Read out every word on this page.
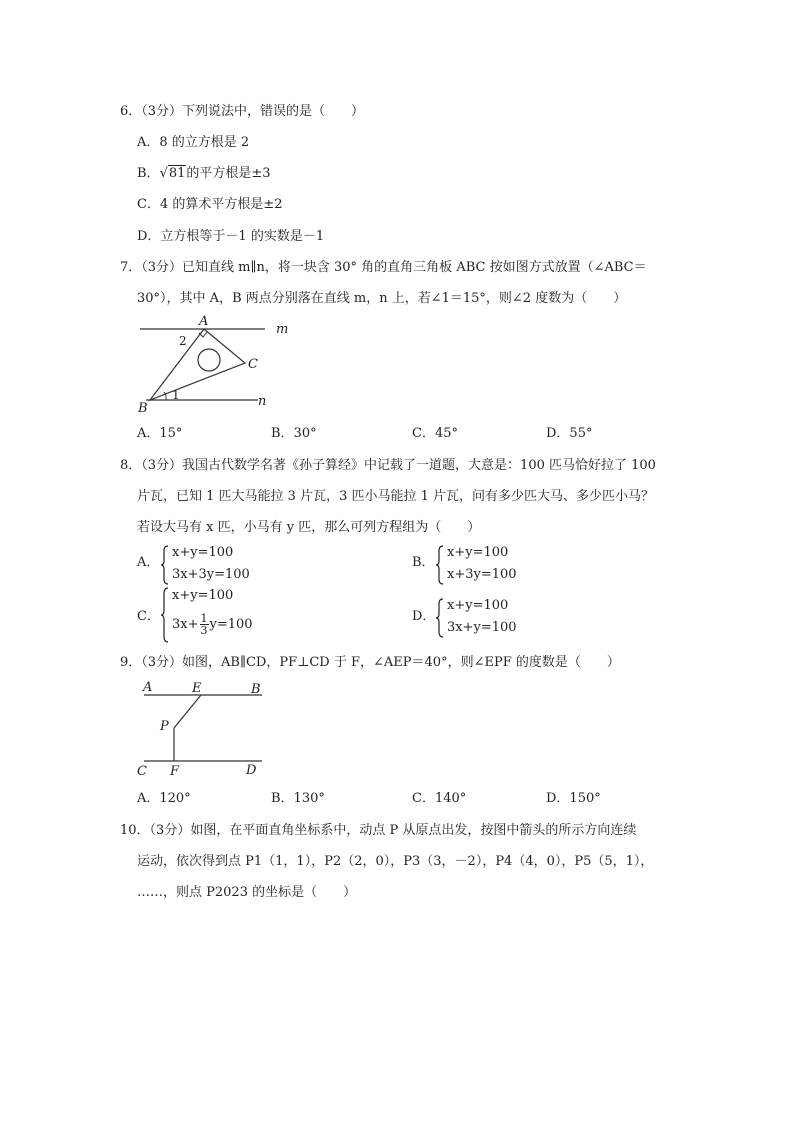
6．（3分）下列说法中，错误的是（　　）
A．8 的立方根是 2
B．√81的平方根是±3
C．4 的算术平方根是±2
D．立方根等于－1 的实数是－1
7．（3分）已知直线 m∥n，将一块含 30° 角的直角三角板 ABC 按如图方式放置（∠ABC＝
30°），其中 A，B 两点分别落在直线 m，n 上，若∠1＝15°，则∠2 度数为（　　）
A
C
B
m
n
1
2
A．15°	B．30°	C．45°	D．55°
8．（3分）我国古代数学名著《孙子算经》中记载了一道题，大意是：100 匹马恰好拉了 100
片瓦，已知 1 匹大马能拉 3 片瓦，3 匹小马能拉 1 片瓦，问有多少匹大马、多少匹小马？
若设大马有 x 匹，小马有 y 匹，那么可列方程组为（　　）
A．
x+y=100
3x+3y=100
B．
x+y=100
x+3y=100
C．
x+y=100
$3x+ \frac{1}{3} y=100$
D．
x+y=100
3x+y=100
9．（3分）如图，AB∥CD，PF⊥CD 于 F，∠AEP＝40°，则∠EPF 的度数是（　　）
A	E	B
P
C F	D
A．120°	B．130°	C．140°	D．150°
10．（3分）如图，在平面直角坐标系中，动点 P 从原点出发，按图中箭头的所示方向连续
运动，依次得到点 P1（1，1），P2（2，0），P3（3，－2），P4（4，0），P5（5，1），
……，则点 P2023 的坐标是（　　）
